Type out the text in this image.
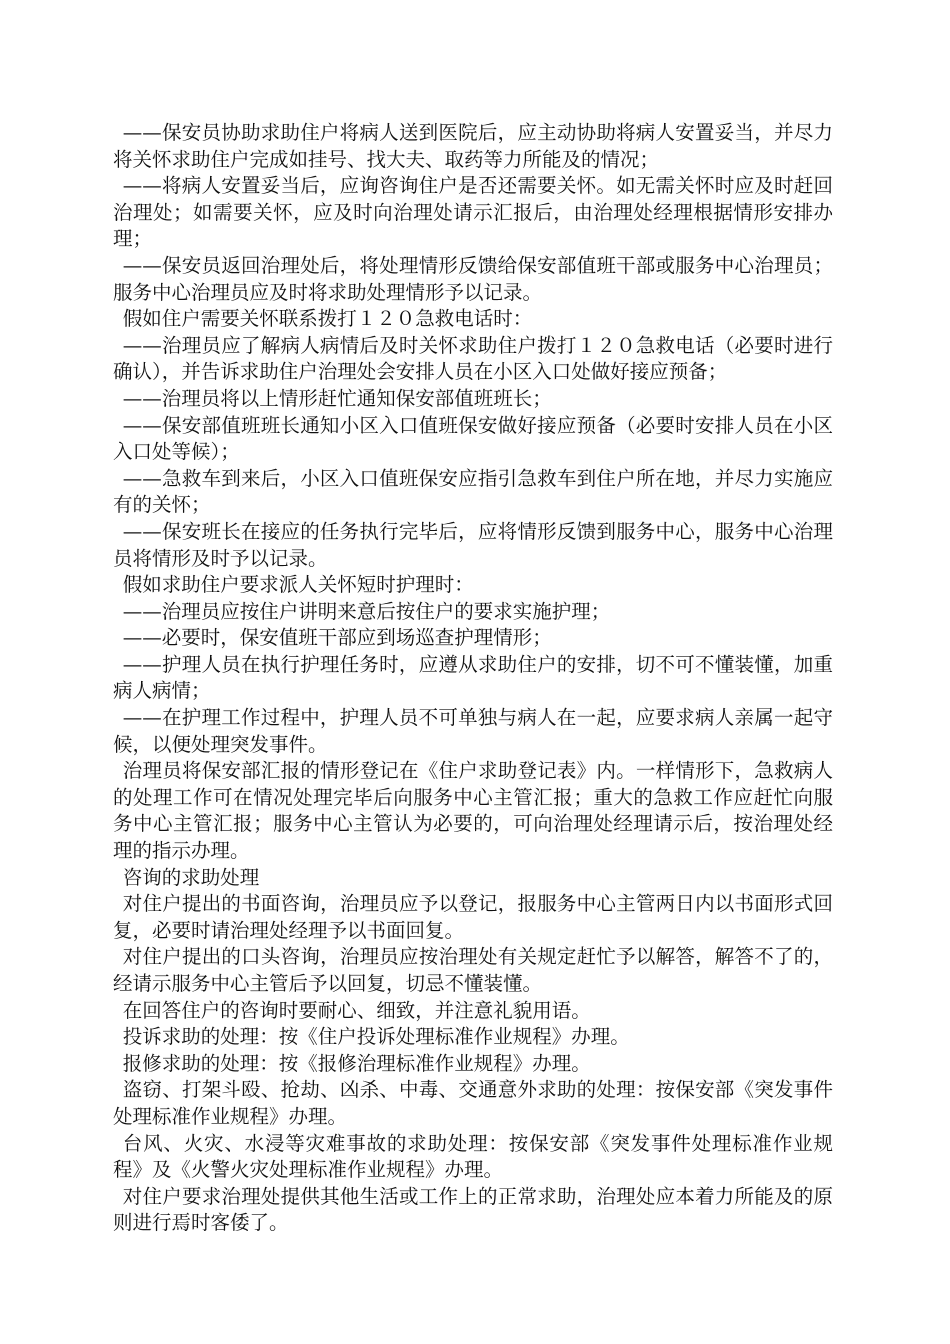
——保安员协助求助住户将病人送到医院后，应主动协助将病人安置妥当，并尽力将关怀求助住户完成如挂号、找大夫、取药等力所能及的情况；

——将病人安置妥当后，应询咨询住户是否还需要关怀。如无需关怀时应及时赶回治理处；如需要关怀，应及时向治理处请示汇报后，由治理处经理根据情形安排办理；

——保安员返回治理处后，将处理情形反馈给保安部值班干部或服务中心治理员；服务中心治理员应及时将求助处理情形予以记录。

假如住户需要关怀联系拨打１２０急救电话时：

——治理员应了解病人病情后及时关怀求助住户拨打１２０急救电话（必要时进行确认），并告诉求助住户治理处会安排人员在小区入口处做好接应预备；

——治理员将以上情形赶忙通知保安部值班班长；

——保安部值班班长通知小区入口值班保安做好接应预备（必要时安排人员在小区入口处等候）；

——急救车到来后，小区入口值班保安应指引急救车到住户所在地，并尽力实施应有的关怀；

——保安班长在接应的任务执行完毕后，应将情形反馈到服务中心，服务中心治理员将情形及时予以记录。

假如求助住户要求派人关怀短时护理时：

——治理员应按住户讲明来意后按住户的要求实施护理；

——必要时，保安值班干部应到场巡查护理情形；

——护理人员在执行护理任务时，应遵从求助住户的安排，切不可不懂装懂，加重病人病情；

——在护理工作过程中，护理人员不可单独与病人在一起，应要求病人亲属一起守候，以便处理突发事件。

治理员将保安部汇报的情形登记在《住户求助登记表》内。一样情形下，急救病人的处理工作可在情况处理完毕后向服务中心主管汇报；重大的急救工作应赶忙向服务中心主管汇报；服务中心主管认为必要的，可向治理处经理请示后，按治理处经理的指示办理。

咨询的求助处理

对住户提出的书面咨询，治理员应予以登记，报服务中心主管两日内以书面形式回复，必要时请治理处经理予以书面回复。

对住户提出的口头咨询，治理员应按治理处有关规定赶忙予以解答，解答不了的，经请示服务中心主管后予以回复，切忌不懂装懂。

在回答住户的咨询时要耐心、细致，并注意礼貌用语。

投诉求助的处理：按《住户投诉处理标准作业规程》办理。

报修求助的处理：按《报修治理标准作业规程》办理。

盗窃、打架斗殴、抢劫、凶杀、中毒、交通意外求助的处理：按保安部《突发事件处理标准作业规程》办理。

台风、火灾、水浸等灾难事故的求助处理：按保安部《突发事件处理标准作业规程》及《火警火灾处理标准作业规程》办理。

对住户要求治理处提供其他生活或工作上的正常求助，治理处应本着力所能及的原则进行焉时客倭了。
